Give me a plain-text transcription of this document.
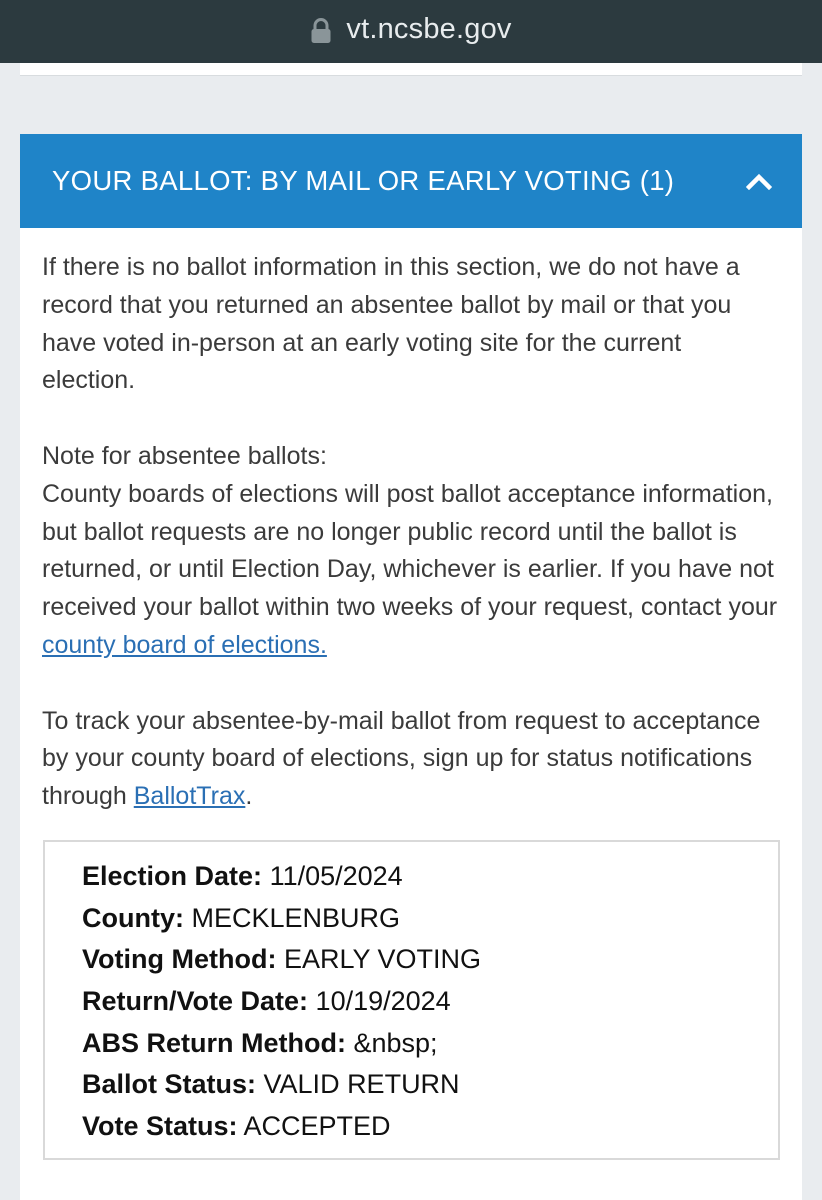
vt.ncsbe.gov
YOUR BALLOT: BY MAIL OR EARLY VOTING (1)

If there is no ballot information in this section, we do not have a record that you returned an absentee ballot by mail or that you have voted in-person at an early voting site for the current election.

Note for absentee ballots:
County boards of elections will post ballot acceptance information, but ballot requests are no longer public record until the ballot is returned, or until Election Day, whichever is earlier. If you have not received your ballot within two weeks of your request, contact your county board of elections.

To track your absentee-by-mail ballot from request to acceptance by your county board of elections, sign up for status notifications through BallotTrax.

Election Date: 11/05/2024
County: MECKLENBURG
Voting Method: EARLY VOTING
Return/Vote Date: 10/19/2024
ABS Return Method: &nbsp;
Ballot Status: VALID RETURN
Vote Status: ACCEPTED
